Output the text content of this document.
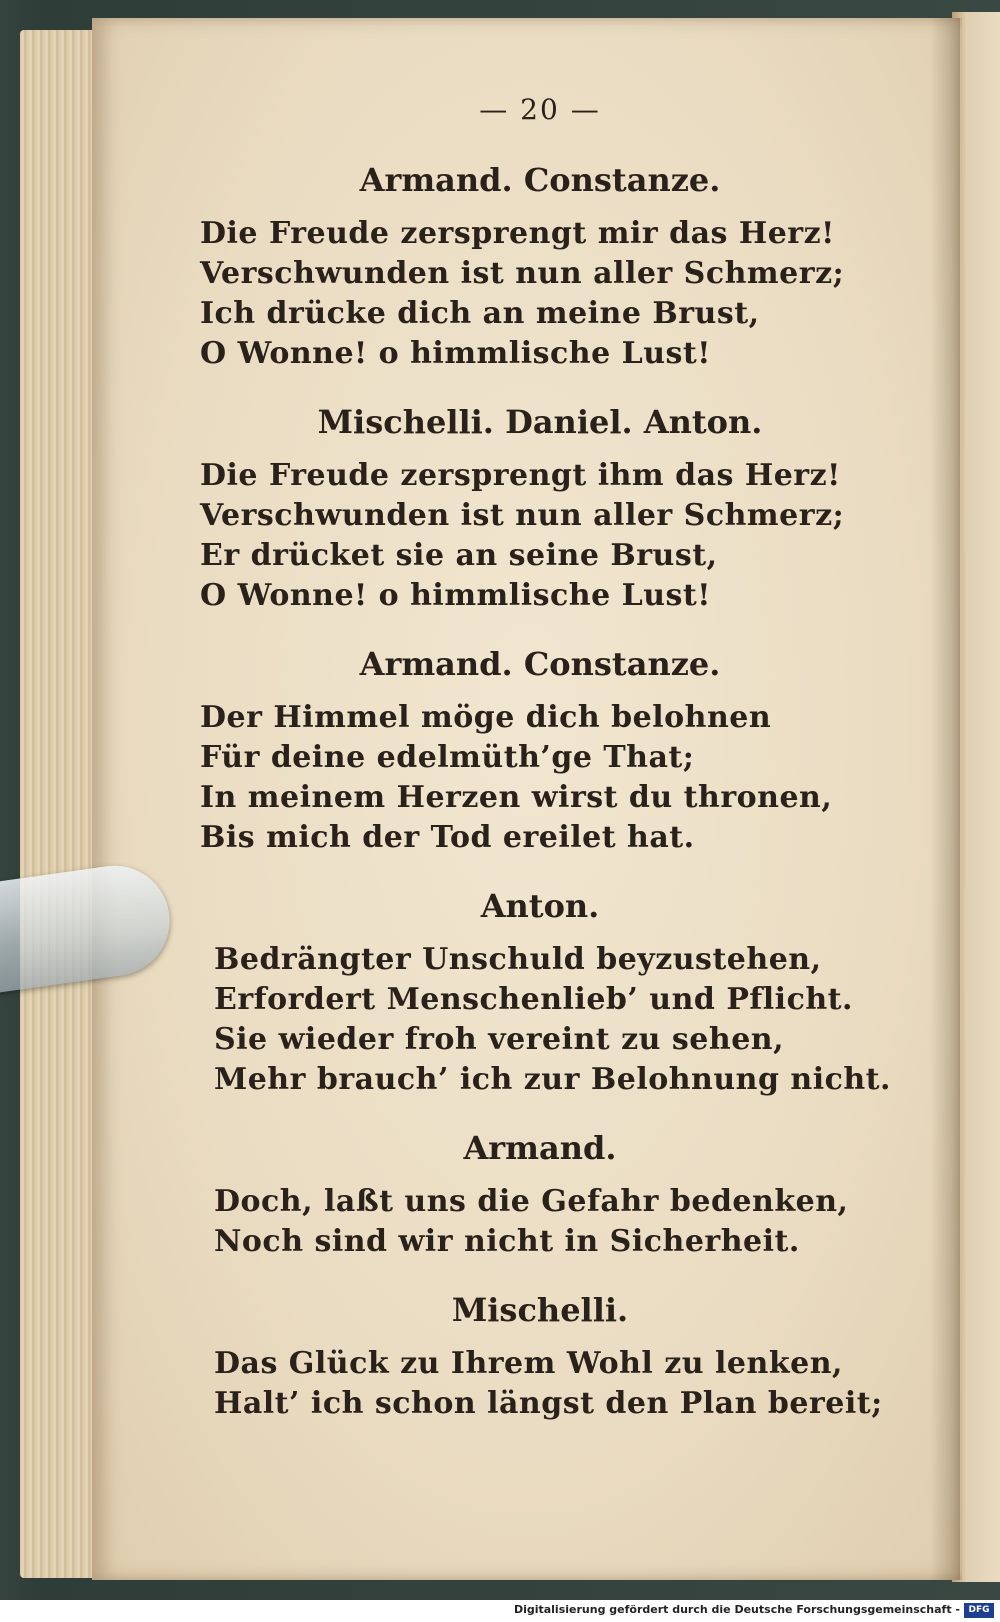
— 20 —
Armand. Constanze.
Die Freude zersprengt mir das Herz!
Verschwunden ist nun aller Schmerz;
Ich drücke dich an meine Brust,
O Wonne! o himmlische Lust!
Mischelli. Daniel. Anton.
Die Freude zersprengt ihm das Herz!
Verschwunden ist nun aller Schmerz;
Er drücket sie an seine Brust,
O Wonne! o himmlische Lust!
Armand. Constanze.
Der Himmel möge dich belohnen
Für deine edelmüth’ge That;
In meinem Herzen wirst du thronen,
Bis mich der Tod ereilet hat.
Anton.
Bedrängter Unschuld beyzustehen,
Erfordert Menschenlieb’ und Pflicht.
Sie wieder froh vereint zu sehen,
Mehr brauch’ ich zur Belohnung nicht.
Armand.
Doch, laßt uns die Gefahr bedenken,
Noch sind wir nicht in Sicherheit.
Mischelli.
Das Glück zu Ihrem Wohl zu lenken,
Halt’ ich schon längst den Plan bereit;
Digitalisierung gefördert durch die Deutsche Forschungsgemeinschaft - DFG
